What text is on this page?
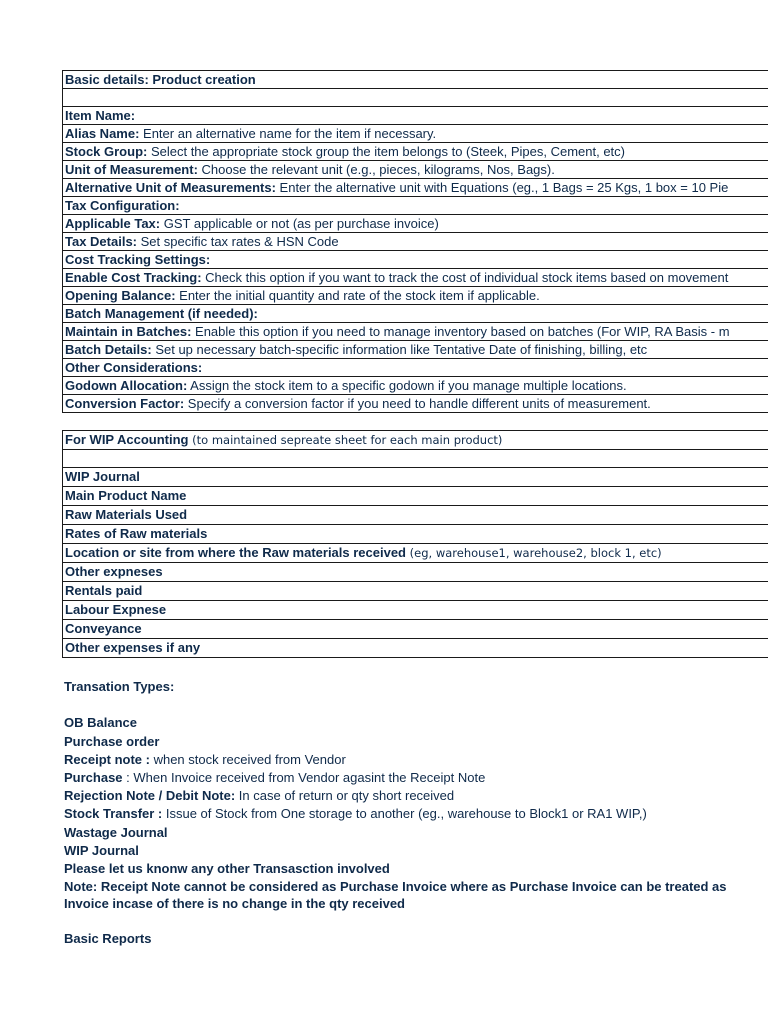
Basic details: Product creation

Item Name:
Alias Name: Enter an alternative name for the item if necessary.
Stock Group: Select the appropriate stock group the item belongs to (Steek, Pipes, Cement, etc)
Unit of Measurement: Choose the relevant unit (e.g., pieces, kilograms, Nos, Bags).
Alternative Unit of Measurements: Enter the alternative unit with Equations (eg., 1 Bags = 25 Kgs, 1 box = 10 Pie
Tax Configuration:
Applicable Tax: GST applicable or not (as per purchase invoice)
Tax Details: Set specific tax rates & HSN Code
Cost Tracking Settings:
Enable Cost Tracking: Check this option if you want to track the cost of individual stock items based on movement
Opening Balance: Enter the initial quantity and rate of the stock item if applicable.
Batch Management (if needed):
Maintain in Batches: Enable this option if you need to manage inventory based on batches (For WIP, RA Basis - m
Batch Details: Set up necessary batch-specific information like Tentative Date of finishing, billing, etc
Other Considerations:
Godown Allocation: Assign the stock item to a specific godown if you manage multiple locations.
Conversion Factor: Specify a conversion factor if you need to handle different units of measurement.
For WIP Accounting (to maintained sepreate sheet for each main product)

WIP Journal
Main Product Name
Raw Materials Used
Rates of Raw materials
Location or site from where the Raw materials received (eg, warehouse1, warehouse2, block 1, etc)
Other expneses
Rentals paid
Labour Expnese
Conveyance
Other expenses if any
Transation Types:
OB Balance
Purchase order
Receipt note : when stock received from Vendor
Purchase : When Invoice received from Vendor agasint the Receipt Note
Rejection Note / Debit Note: In case of return or qty short received
Stock Transfer : Issue of Stock from One storage to another (eg., warehouse to Block1 or RA1 WIP,)
Wastage Journal
WIP Journal
Please let us knonw any other Transasction involved
Note: Receipt Note cannot be considered as Purchase Invoice where as Purchase Invoice can be treated as
Invoice incase of there is no change in the qty received
Basic Reports
